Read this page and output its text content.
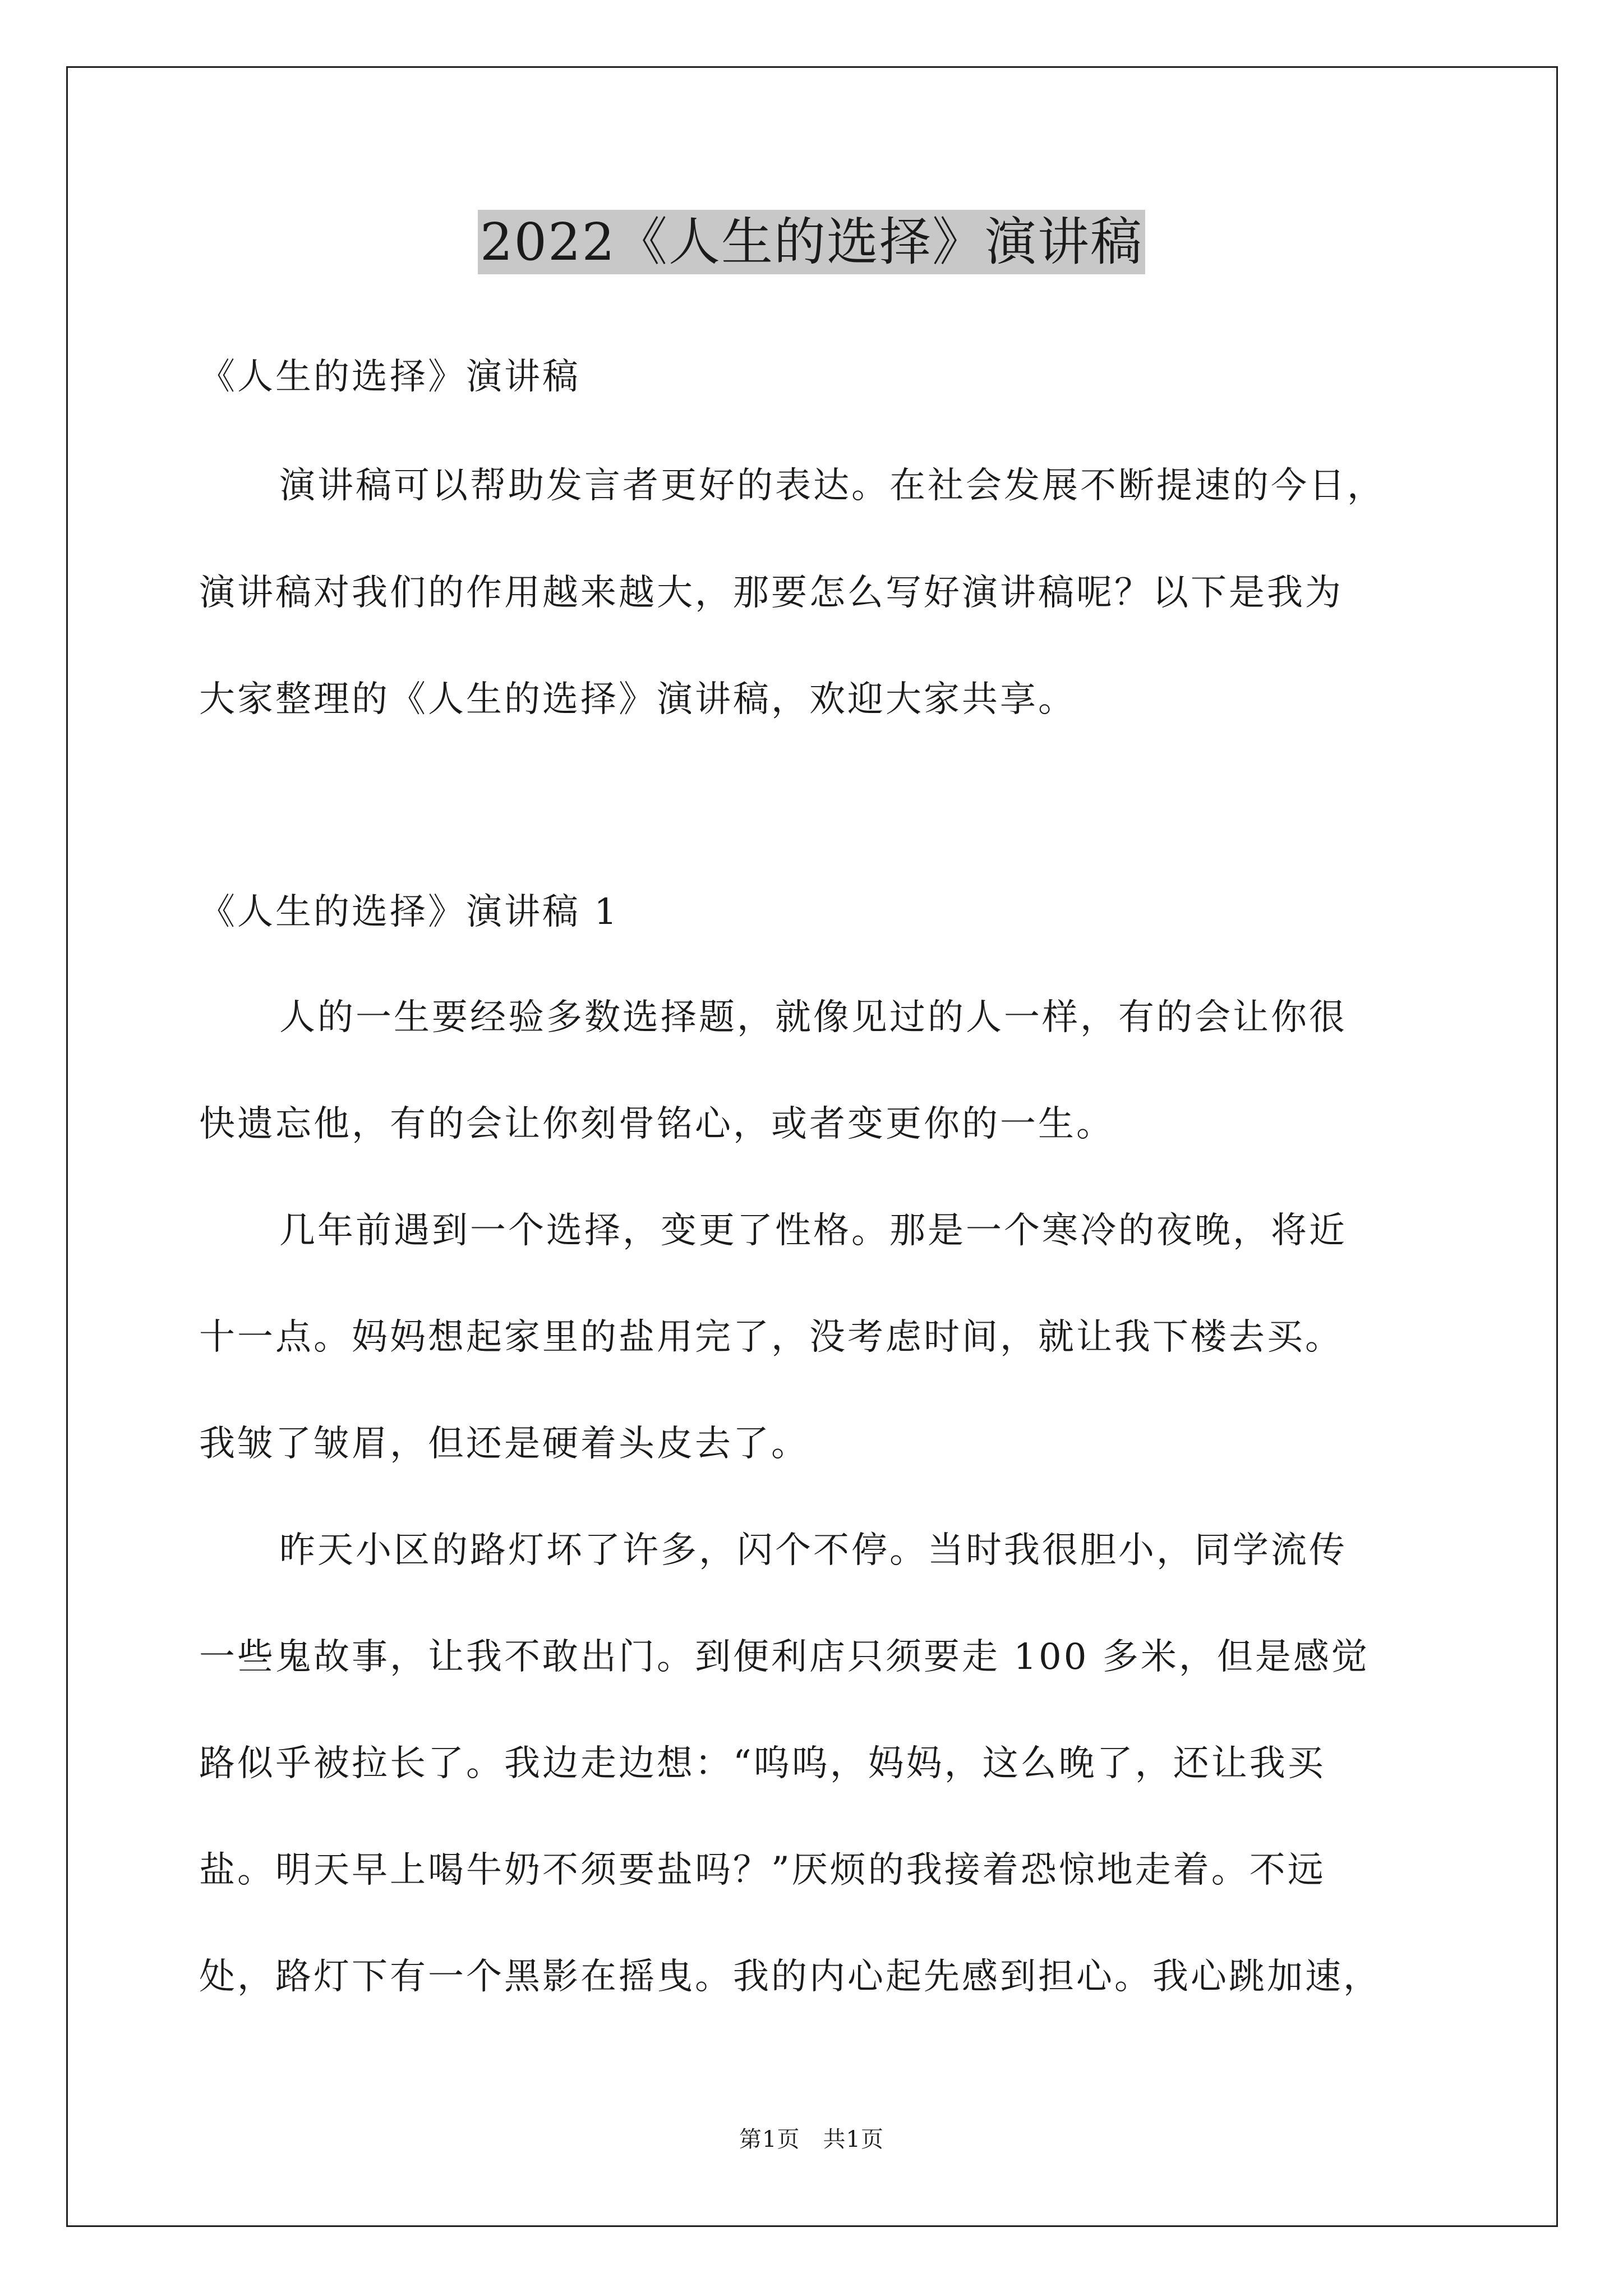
2022《人生的选择》演讲稿
《人生的选择》演讲稿
演讲稿可以帮助发言者更好的表达。在社会发展不断提速的今日，
演讲稿对我们的作用越来越大，那要怎么写好演讲稿呢？以下是我为
大家整理的《人生的选择》演讲稿，欢迎大家共享。
《人生的选择》演讲稿 1
人的一生要经验多数选择题，就像见过的人一样，有的会让你很
快遗忘他，有的会让你刻骨铭心，或者变更你的一生。
几年前遇到一个选择，变更了性格。那是一个寒冷的夜晚，将近
十一点。妈妈想起家里的盐用完了，没考虑时间，就让我下楼去买。
我皱了皱眉，但还是硬着头皮去了。
昨天小区的路灯坏了许多，闪个不停。当时我很胆小，同学流传
一些鬼故事，让我不敢出门。到便利店只须要走 100 多米，但是感觉
路似乎被拉长了。我边走边想：“呜呜，妈妈，这么晚了，还让我买
盐。明天早上喝牛奶不须要盐吗？”厌烦的我接着恐惊地走着。不远
处，路灯下有一个黑影在摇曳。我的内心起先感到担心。我心跳加速，
第1页　共1页
